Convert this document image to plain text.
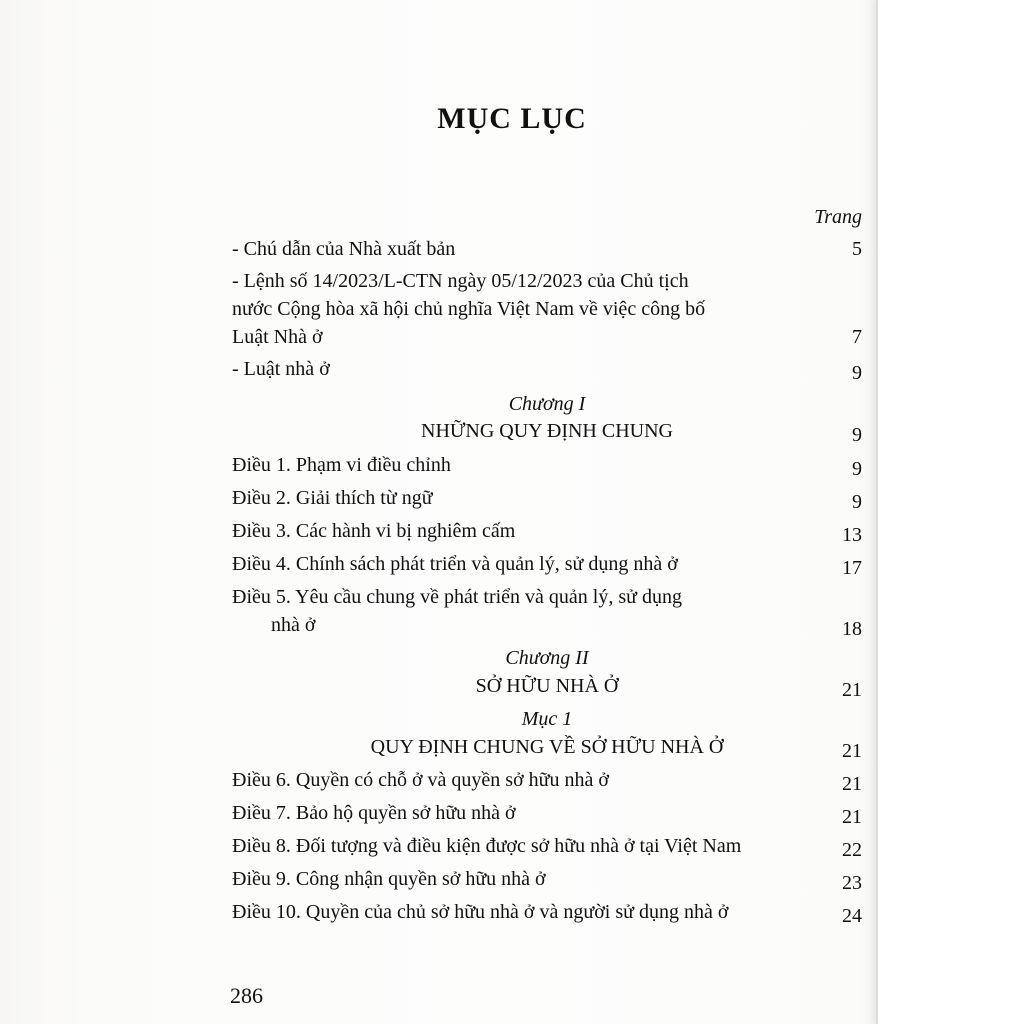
MỤC LỤC
Trang
- Chú dẫn của Nhà xuất bản	5
- Lệnh số 14/2023/L-CTN ngày 05/12/2023 của Chủ tịch
nước Cộng hòa xã hội chủ nghĩa Việt Nam về việc công bố
Luật Nhà ở	7
- Luật nhà ở	9
Chương I
NHỮNG QUY ĐỊNH CHUNG	9
Điều 1. Phạm vi điều chỉnh	9
Điều 2. Giải thích từ ngữ	9
Điều 3. Các hành vi bị nghiêm cấm	13
Điều 4. Chính sách phát triển và quản lý, sử dụng nhà ở	17
Điều 5. Yêu cầu chung về phát triển và quản lý, sử dụng
nhà ở	18
Chương II
SỞ HỮU NHÀ Ở	21
Mục 1
QUY ĐỊNH CHUNG VỀ SỞ HỮU NHÀ Ở	21
Điều 6. Quyền có chỗ ở và quyền sở hữu nhà ở	21
Điều 7. Bảo hộ quyền sở hữu nhà ở	21
Điều 8. Đối tượng và điều kiện được sở hữu nhà ở tại Việt Nam	22
Điều 9. Công nhận quyền sở hữu nhà ở	23
Điều 10. Quyền của chủ sở hữu nhà ở và người sử dụng nhà ở	24
286
